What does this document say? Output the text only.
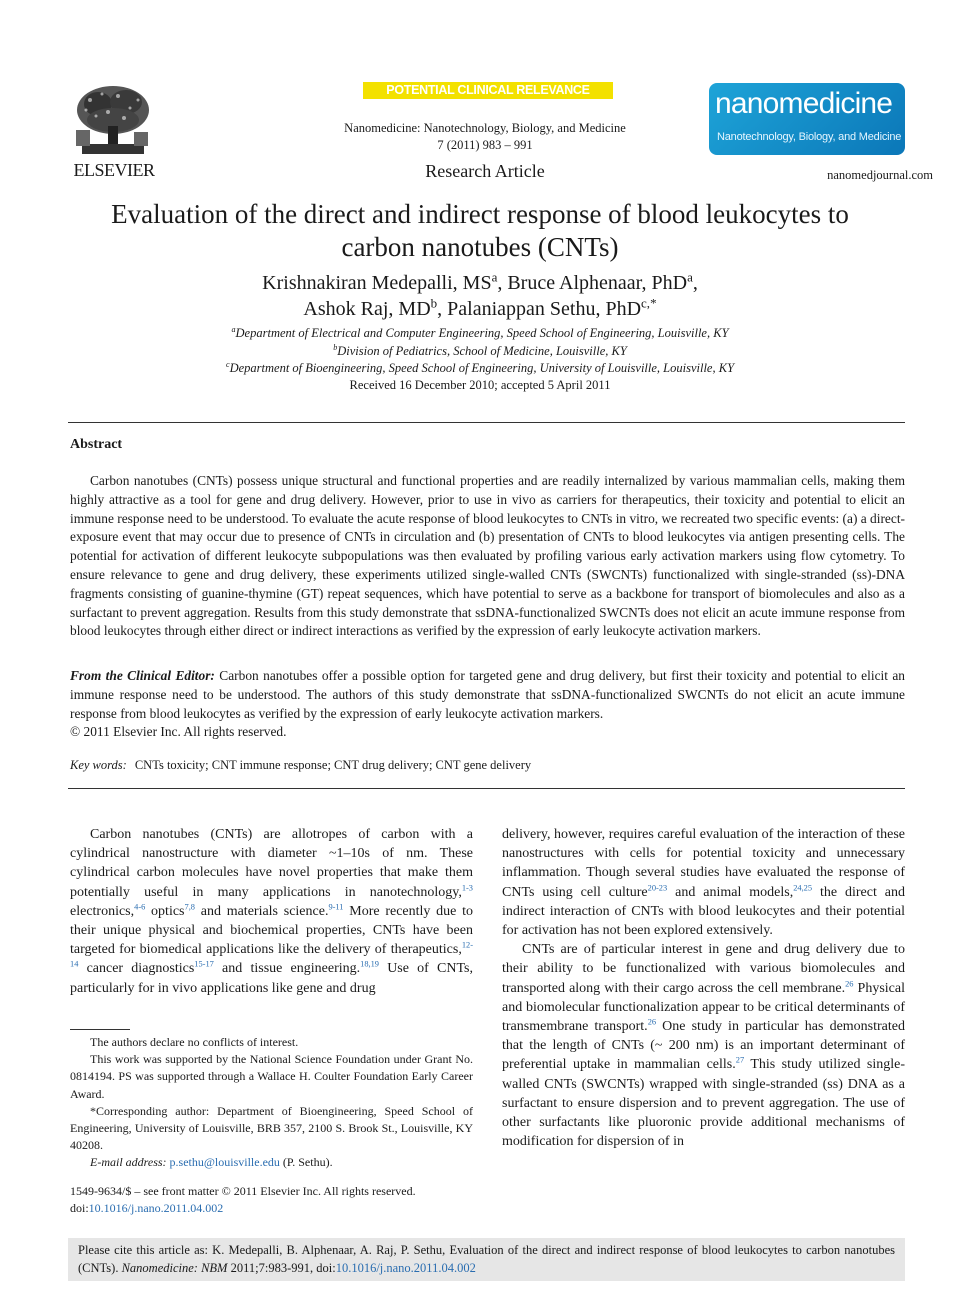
ELSEVIER
POTENTIAL CLINICAL RELEVANCE
Nanomedicine: Nanotechnology, Biology, and Medicine
7 (2011) 983 – 991
Research Article
nanomedicine
Nanotechnology, Biology, and Medicine
nanomedjournal.com
Evaluation of the direct and indirect response of blood leukocytes to
carbon nanotubes (CNTs)
Krishnakiran Medepalli, $MS^a$, Bruce Alphenaar, PhD$^a$,
Ashok Raj, $MD^b$, Palaniappan Sethu, PhD$^{c,*}$
$^a$Department of Electrical and Computer Engineering, Speed School of Engineering, Louisville, KY
$^b$Division of Pediatrics, School of Medicine, Louisville, KY
$^c$Department of Bioengineering, Speed School of Engineering, University of Louisville, Louisville, KY
Received 16 December 2010; accepted 5 April 2011
Abstract
Carbon nanotubes (CNTs) possess unique structural and functional properties and are readily internalized by various mammalian cells, making them highly attractive as a tool for gene and drug delivery. However, prior to use in vivo as carriers for therapeutics, their toxicity and potential to elicit an immune response need to be understood. To evaluate the acute response of blood leukocytes to CNTs in vitro, we recreated two specific events: (a) a direct-exposure event that may occur due to presence of CNTs in circulation and (b) presentation of CNTs to blood leukocytes via antigen presenting cells. The potential for activation of different leukocyte subpopulations was then evaluated by profiling various early activation markers using flow cytometry. To ensure relevance to gene and drug delivery, these experiments utilized single-walled CNTs (SWCNTs) functionalized with single-stranded (ss)-DNA fragments consisting of guanine-thymine (GT) repeat sequences, which have potential to serve as a backbone for transport of biomolecules and also as a surfactant to prevent aggregation. Results from this study demonstrate that ssDNA-functionalized SWCNTs does not elicit an acute immune response from blood leukocytes through either direct or indirect interactions as verified by the expression of early leukocyte activation markers.
From the Clinical Editor: Carbon nanotubes offer a possible option for targeted gene and drug delivery, but first their toxicity and potential to elicit an immune response need to be understood. The authors of this study demonstrate that ssDNA-functionalized SWCNTs do not elicit an acute immune response from blood leukocytes as verified by the expression of early leukocyte activation markers.
© 2011 Elsevier Inc. All rights reserved.
Key words: CNTs toxicity; CNT immune response; CNT drug delivery; CNT gene delivery

Carbon nanotubes (CNTs) are allotropes of carbon with a cylindrical nanostructure with diameter ~1–10s of nm. These cylindrical carbon molecules have novel properties that make them potentially useful in many applications in nanotechnology,$^{1-3}$ electronics,$^{4-6}$ optics$^{7,8}$ and materials science.$^{9-11}$ More recently due to their unique physical and biochemical properties, CNTs have been targeted for biomedical applications like the delivery of therapeutics,$^{12-14}$ cancer diagnostics$^{15-17}$ and tissue engineering.$^{18,19}$ Use of CNTs, particularly for in vivo applications like gene and drug

The authors declare no conflicts of interest.

This work was supported by the National Science Foundation under Grant No. 0814194. PS was supported through a Wallace H. Coulter Foundation Early Career Award.

*Corresponding author: Department of Bioengineering, Speed School of Engineering, University of Louisville, BRB 357, 2100 S. Brook St., Louisville, KY 40208.

E-mail address: p.sethu@louisville.edu (P. Sethu).

1549-9634/$ – see front matter © 2011 Elsevier Inc. All rights reserved.
doi:10.1016/j.nano.2011.04.002

delivery, however, requires careful evaluation of the interaction of these nanostructures with cells for potential toxicity and unnecessary inflammation. Though several studies have evaluated the response of CNTs using cell culture$^{20-23}$ and animal models,$^{24,25}$ the direct and indirect interaction of CNTs with blood leukocytes and their potential for activation has not been explored extensively.

CNTs are of particular interest in gene and drug delivery due to their ability to be functionalized with various biomolecules and transported along with their cargo across the cell membrane.$^{26}$ Physical and biomolecular functionalization appear to be critical determinants of transmembrane transport.$^{26}$ One study in particular has demonstrated that the length of CNTs (~ 200 nm) is an important determinant of preferential uptake in mammalian cells.$^{27}$ This study utilized single- walled CNTs (SWCNTs) wrapped with single-stranded (ss) DNA as a surfactant to ensure dispersion and to prevent aggregation. The use of other surfactants like pluoronic provide additional mechanisms of modification for dispersion of in

Please cite this article as: K. Medepalli, B. Alphenaar, A. Raj, P. Sethu, Evaluation of the direct and indirect response of blood leukocytes to carbon nanotubes (CNTs). Nanomedicine: NBM 2011;7:983-991, doi:10.1016/j.nano.2011.04.002
